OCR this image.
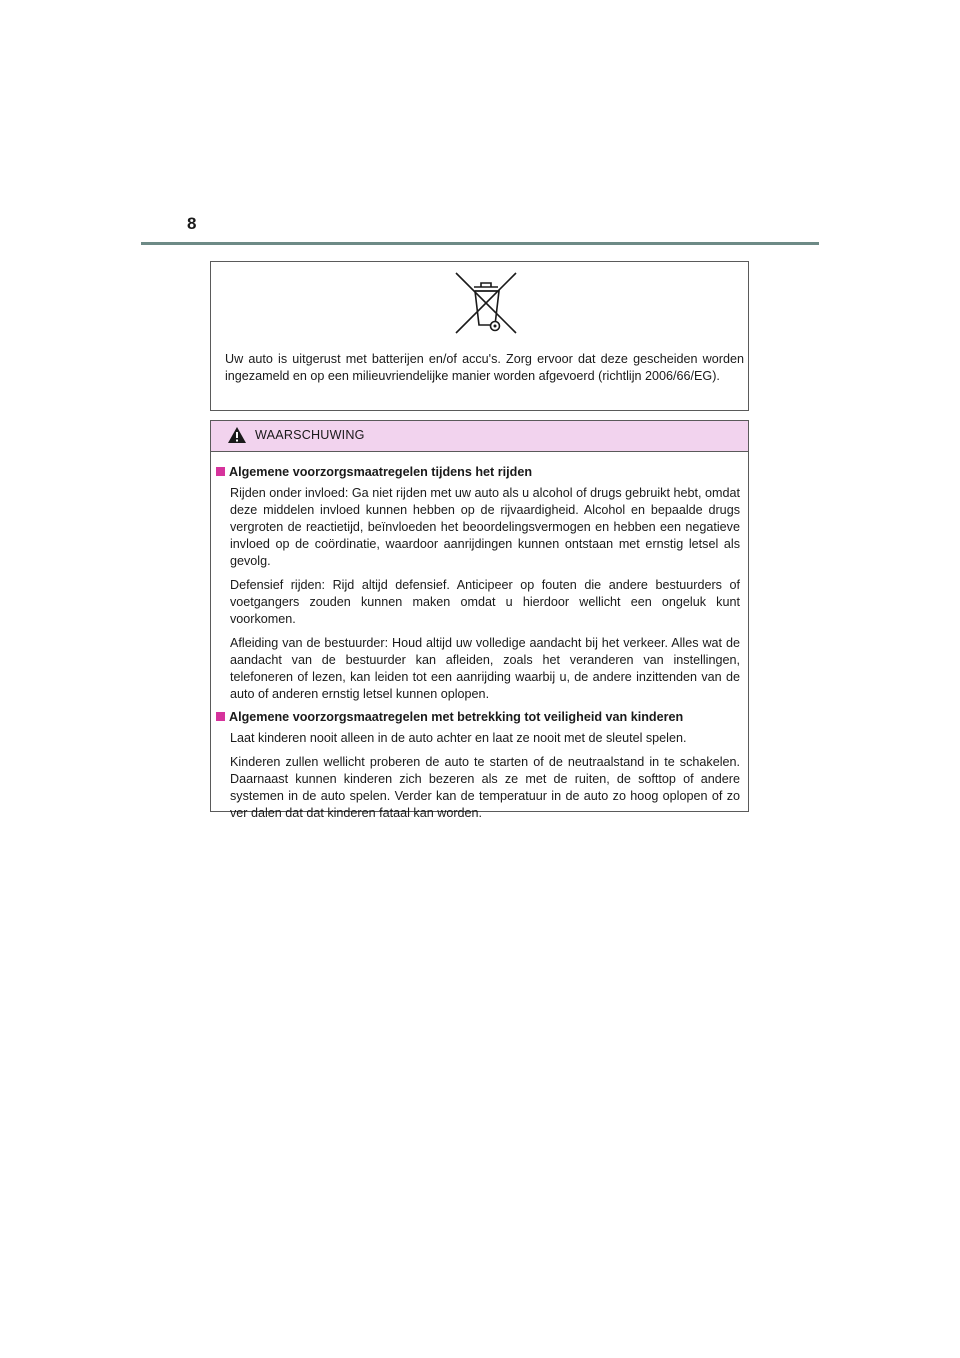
8
Uw auto is uitgerust met batterijen en/of accu's. Zorg ervoor dat deze gescheiden worden ingezameld en op een milieuvriendelijke manier worden afgevoerd (richtlijn 2006/66/EG).
WAARSCHUWING
Algemene voorzorgsmaatregelen tijdens het rijden
Rijden onder invloed: Ga niet rijden met uw auto als u alcohol of drugs gebruikt hebt, omdat deze middelen invloed kunnen hebben op de rijvaardigheid. Alcohol en bepaalde drugs vergroten de reactietijd, beïnvloeden het beoordelingsvermogen en hebben een negatieve invloed op de coördinatie, waardoor aanrijdingen kunnen ontstaan met ernstig letsel als gevolg.
Defensief rijden: Rijd altijd defensief. Anticipeer op fouten die andere bestuurders of voetgangers zouden kunnen maken omdat u hierdoor wellicht een ongeluk kunt voorkomen.
Afleiding van de bestuurder: Houd altijd uw volledige aandacht bij het verkeer. Alles wat de aandacht van de bestuurder kan afleiden, zoals het veranderen van instellingen, telefoneren of lezen, kan leiden tot een aanrijding waarbij u, de andere inzittenden van de auto of anderen ernstig letsel kunnen oplopen.
Algemene voorzorgsmaatregelen met betrekking tot veiligheid van kinderen
Laat kinderen nooit alleen in de auto achter en laat ze nooit met de sleutel spelen.
Kinderen zullen wellicht proberen de auto te starten of de neutraalstand in te schakelen. Daarnaast kunnen kinderen zich bezeren als ze met de ruiten, de softtop of andere systemen in de auto spelen. Verder kan de temperatuur in de auto zo hoog oplopen of zo ver dalen dat dat kinderen fataal kan worden.
